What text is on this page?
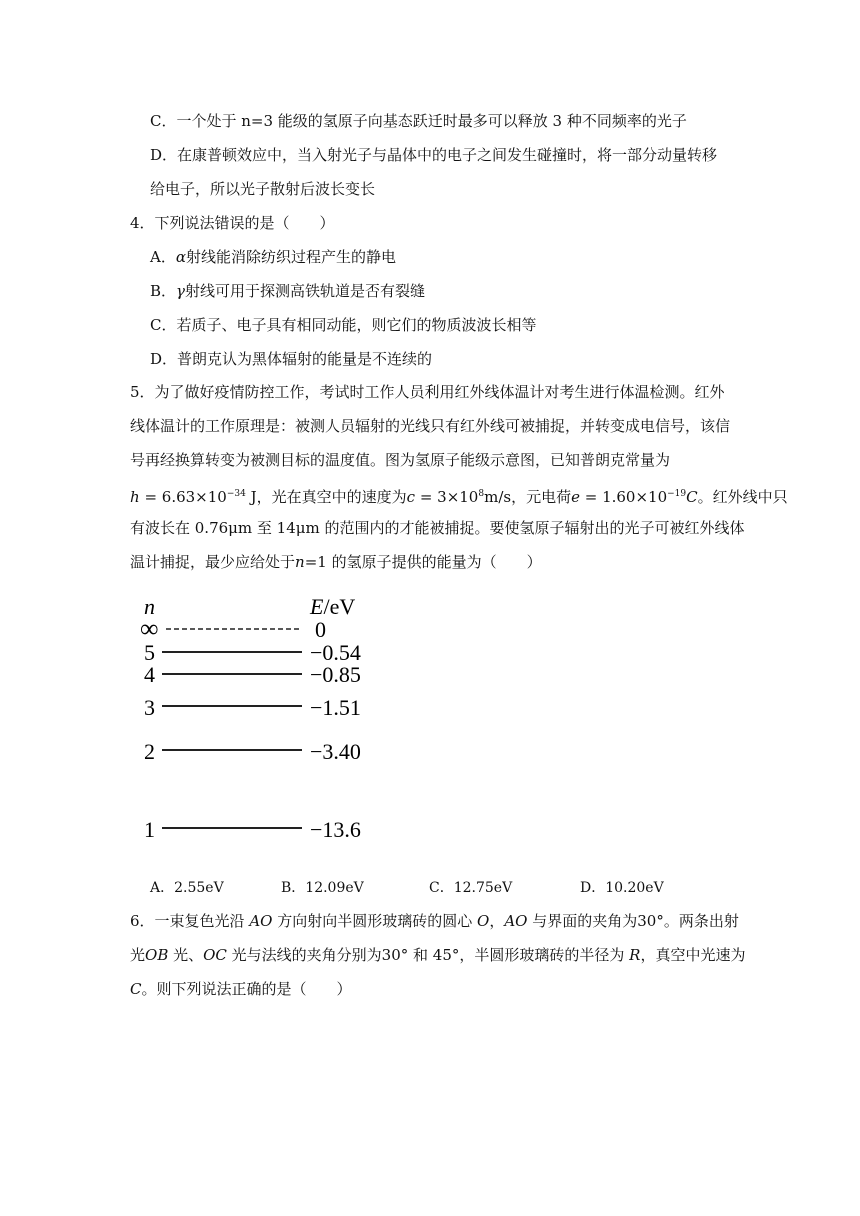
C．一个处于 n=3 能级的氢原子向基态跃迁时最多可以释放 3 种不同频率的光子
D．在康普顿效应中，当入射光子与晶体中的电子之间发生碰撞时，将一部分动量转移
给电子，所以光子散射后波长变长
4．下列说法错误的是（　　）
A．α射线能消除纺织过程产生的静电
B．γ射线可用于探测高铁轨道是否有裂缝
C．若质子、电子具有相同动能，则它们的物质波波长相等
D．普朗克认为黑体辐射的能量是不连续的
5．为了做好疫情防控工作，考试时工作人员利用红外线体温计对考生进行体温检测。红外
线体温计的工作原理是：被测人员辐射的光线只有红外线可被捕捉，并转变成电信号，该信
号再经换算转变为被测目标的温度值。图为氢原子能级示意图，已知普朗克常量为
$h = 6.63\times 10^{-34}$ J，光在真空中的速度为$c = 3\times 10^8m/s$，元电荷$e = 1.60\times 10^{-19}C$。红外线中只
有波长在 0.76μm 至 14μm 的范围内的才能被捕捉。要使氢原子辐射出的光子可被红外线体
温计捕捉，最少应给处于n=1 的氢原子提供的能量为（　　）
n	E/eV
∞	0
5	−0.54
4	−0.85
3	−1.51
2	−3.40
1	−13.6
A．2.55eV	B．12.09eV	C．12.75eV	D．10.20eV
6．一束复色光沿 AO 方向射向半圆形玻璃砖的圆心 O，AO 与界面的夹角为30°。两条出射
光OB 光、OC 光与法线的夹角分别为30° 和 45°，半圆形玻璃砖的半径为 R，真空中光速为
C。则下列说法正确的是（　　）
